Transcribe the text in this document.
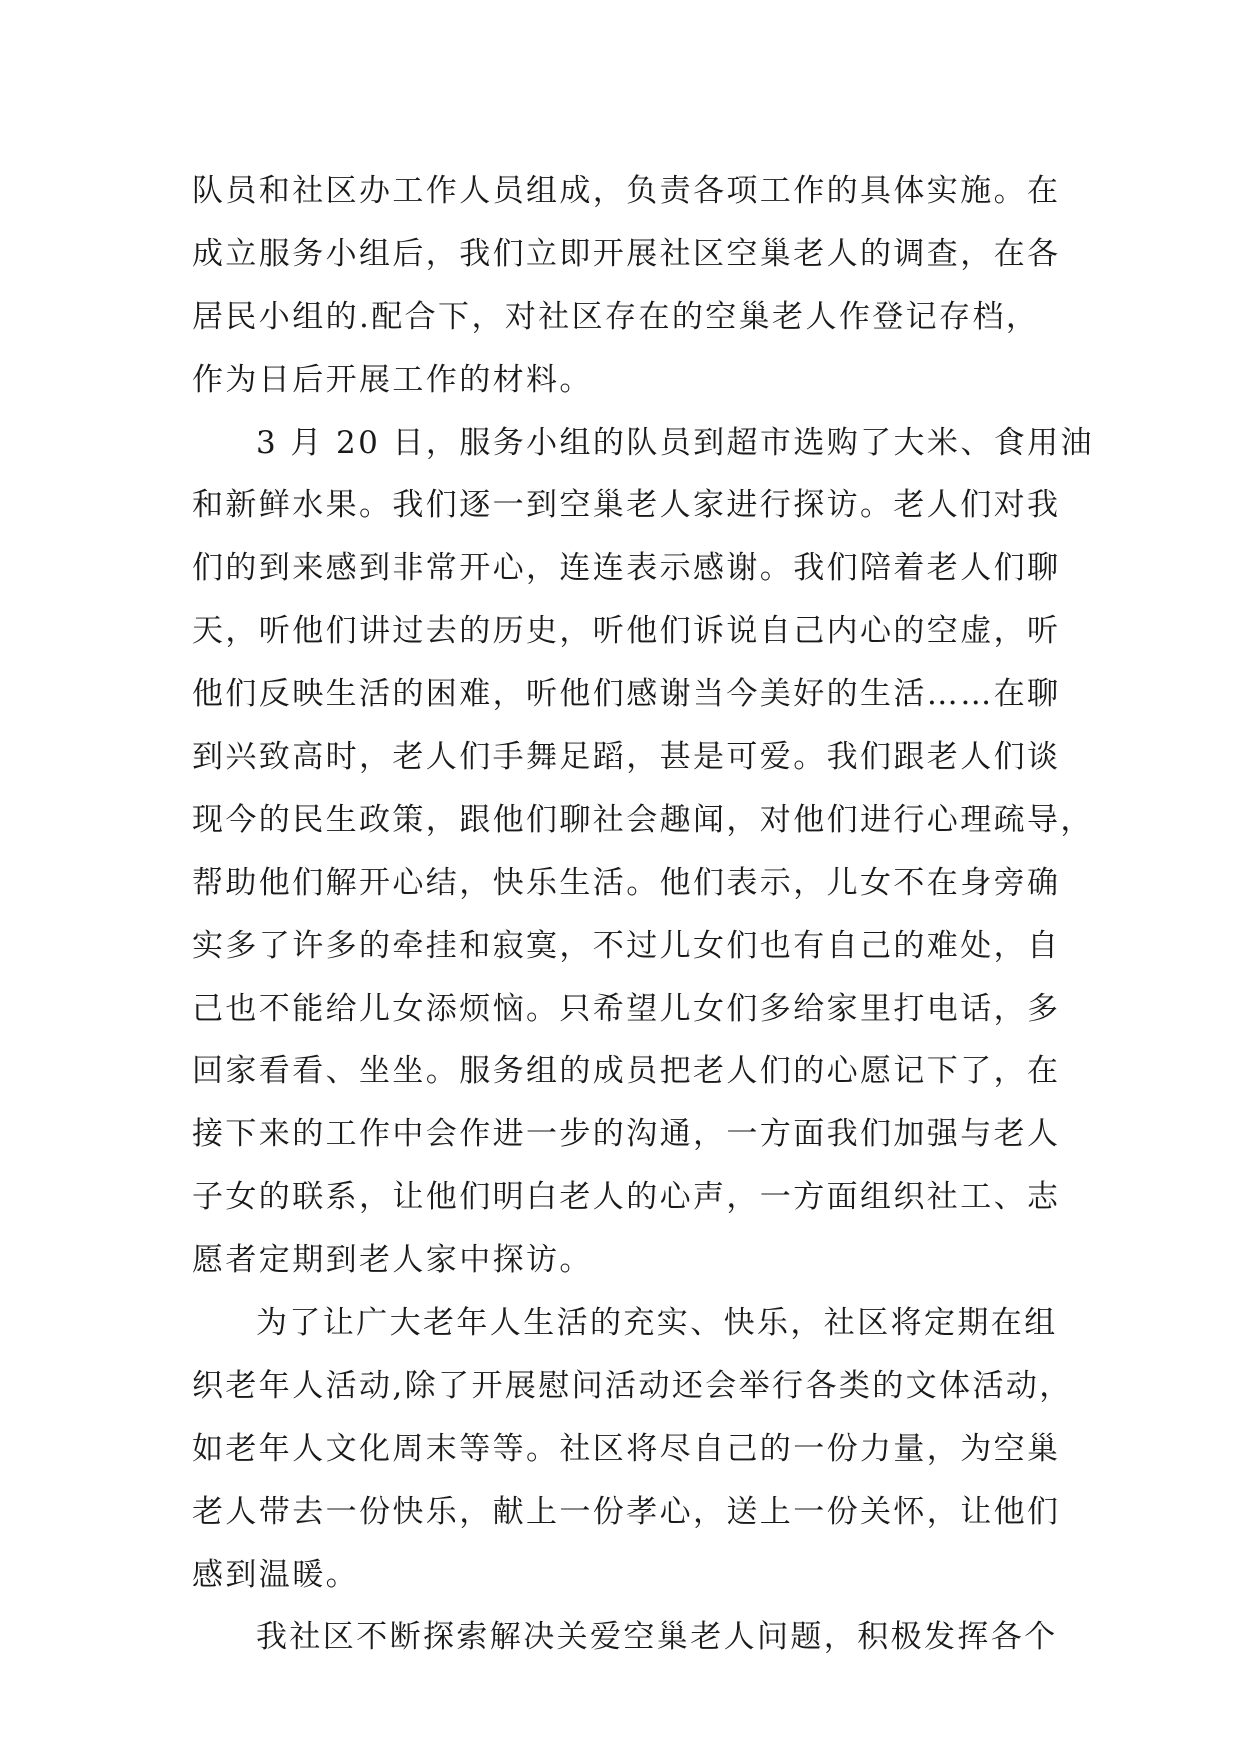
队员和社区办工作人员组成，负责各项工作的具体实施。在
成立服务小组后，我们立即开展社区空巢老人的调查，在各
居民小组的.配合下，对社区存在的空巢老人作登记存档，
作为日后开展工作的材料。
3 月 20 日，服务小组的队员到超市选购了大米、食用油
和新鲜水果。我们逐一到空巢老人家进行探访。老人们对我
们的到来感到非常开心，连连表示感谢。我们陪着老人们聊
天，听他们讲过去的历史，听他们诉说自己内心的空虚，听
他们反映生活的困难，听他们感谢当今美好的生活……在聊
到兴致高时，老人们手舞足蹈，甚是可爱。我们跟老人们谈
现今的民生政策，跟他们聊社会趣闻，对他们进行心理疏导，
帮助他们解开心结，快乐生活。他们表示，儿女不在身旁确
实多了许多的牵挂和寂寞，不过儿女们也有自己的难处，自
己也不能给儿女添烦恼。只希望儿女们多给家里打电话，多
回家看看、坐坐。服务组的成员把老人们的心愿记下了，在
接下来的工作中会作进一步的沟通，一方面我们加强与老人
子女的联系，让他们明白老人的心声，一方面组织社工、志
愿者定期到老人家中探访。
为了让广大老年人生活的充实、快乐，社区将定期在组
织老年人活动,除了开展慰问活动还会举行各类的文体活动，
如老年人文化周末等等。社区将尽自己的一份力量，为空巢
老人带去一份快乐，献上一份孝心，送上一份关怀，让他们
感到温暖。
我社区不断探索解决关爱空巢老人问题，积极发挥各个
